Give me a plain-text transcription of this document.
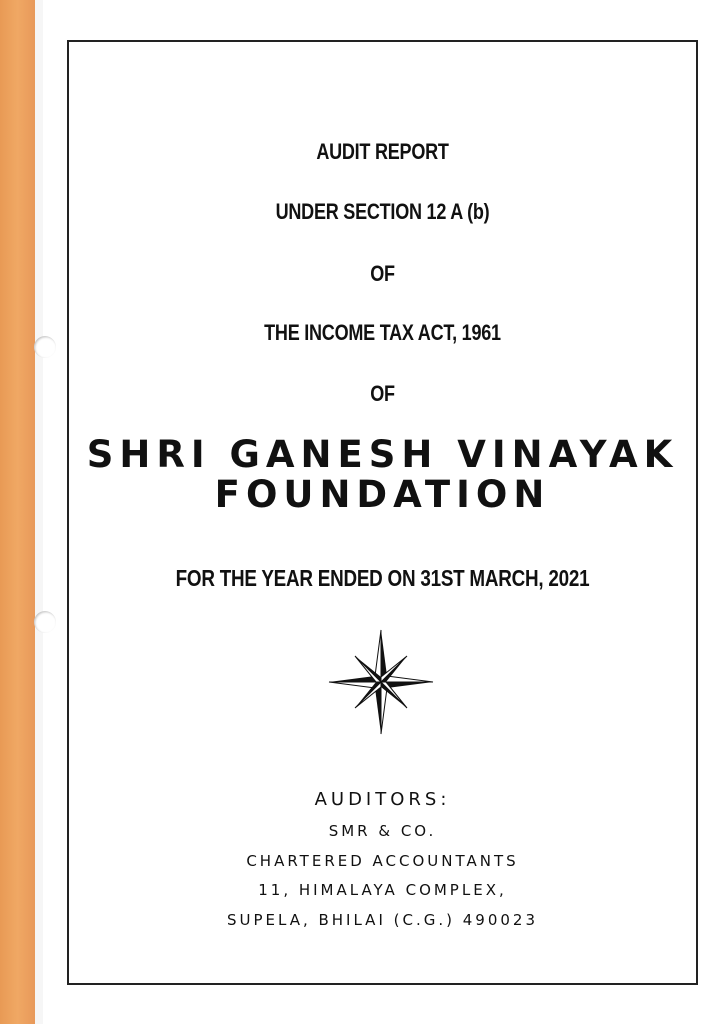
AUDIT REPORT
UNDER SECTION 12 A (b)
OF
THE INCOME TAX ACT, 1961
OF
SHRI GANESH VINAYAK
FOUNDATION
FOR THE YEAR ENDED ON 31ST MARCH, 2021
AUDITORS:
SMR & CO.
CHARTERED ACCOUNTANTS
11, HIMALAYA COMPLEX,
SUPELA, BHILAI (C.G.) 490023
